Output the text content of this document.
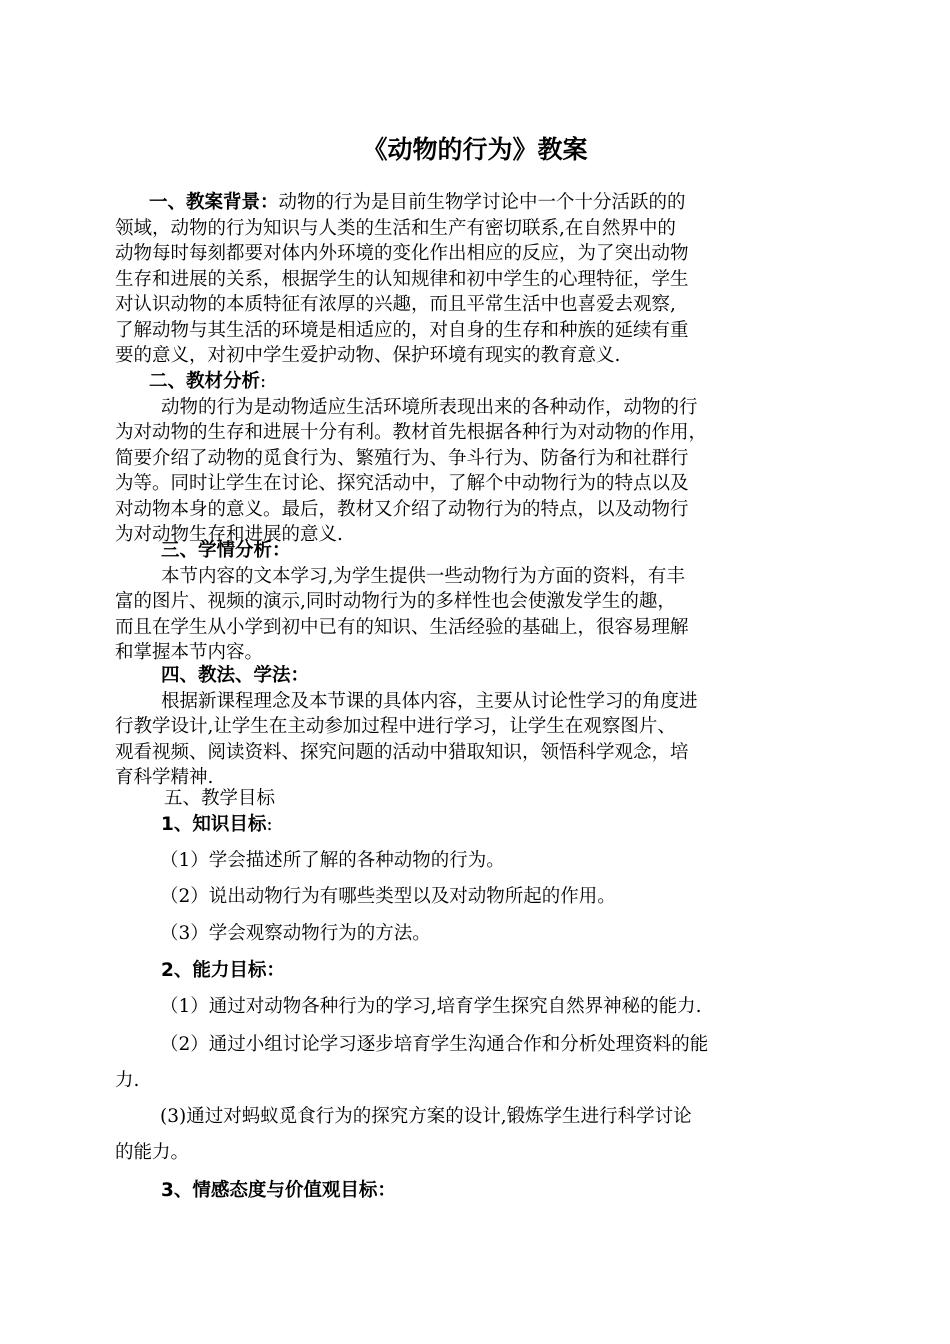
《动物的行为》教案
一、教案背景：动物的行为是目前生物学讨论中一个十分活跃的的
领域，动物的行为知识与人类的生活和生产有密切联系,在自然界中的
动物每时每刻都要对体内外环境的变化作出相应的反应，为了突出动物
生存和进展的关系，根据学生的认知规律和初中学生的心理特征，学生
对认识动物的本质特征有浓厚的兴趣，而且平常生活中也喜爱去观察,
了解动物与其生活的环境是相适应的，对自身的生存和种族的延续有重
要的意义，对初中学生爱护动物、保护环境有现实的教育意义.
二、教材分析:
动物的行为是动物适应生活环境所表现出来的各种动作，动物的行
为对动物的生存和进展十分有利。教材首先根据各种行为对动物的作用，
简要介绍了动物的觅食行为、繁殖行为、争斗行为、防备行为和社群行
为等。同时让学生在讨论、探究活动中，了解个中动物行为的特点以及
对动物本身的意义。最后，教材又介绍了动物行为的特点，以及动物行
为对动物生存和进展的意义.
三、学情分析：
本节内容的文本学习,为学生提供一些动物行为方面的资料，有丰
富的图片、视频的演示,同时动物行为的多样性也会使激发学生的趣，
而且在学生从小学到初中已有的知识、生活经验的基础上，很容易理解
和掌握本节内容。
四、教法、学法：
根据新课程理念及本节课的具体内容，主要从讨论性学习的角度进
行教学设计,让学生在主动参加过程中进行学习，让学生在观察图片、
观看视频、阅读资料、探究问题的活动中猎取知识，领悟科学观念，培
育科学精神.
五、教学目标
1、知识目标:
（1）学会描述所了解的各种动物的行为。
（2）说出动物行为有哪些类型以及对动物所起的作用。
（3）学会观察动物行为的方法。
2、能力目标：
（1）通过对动物各种行为的学习,培育学生探究自然界神秘的能力.
（2）通过小组讨论学习逐步培育学生沟通合作和分析处理资料的能
力.
(3)通过对蚂蚁觅食行为的探究方案的设计,锻炼学生进行科学讨论
的能力。
3、情感态度与价值观目标：
